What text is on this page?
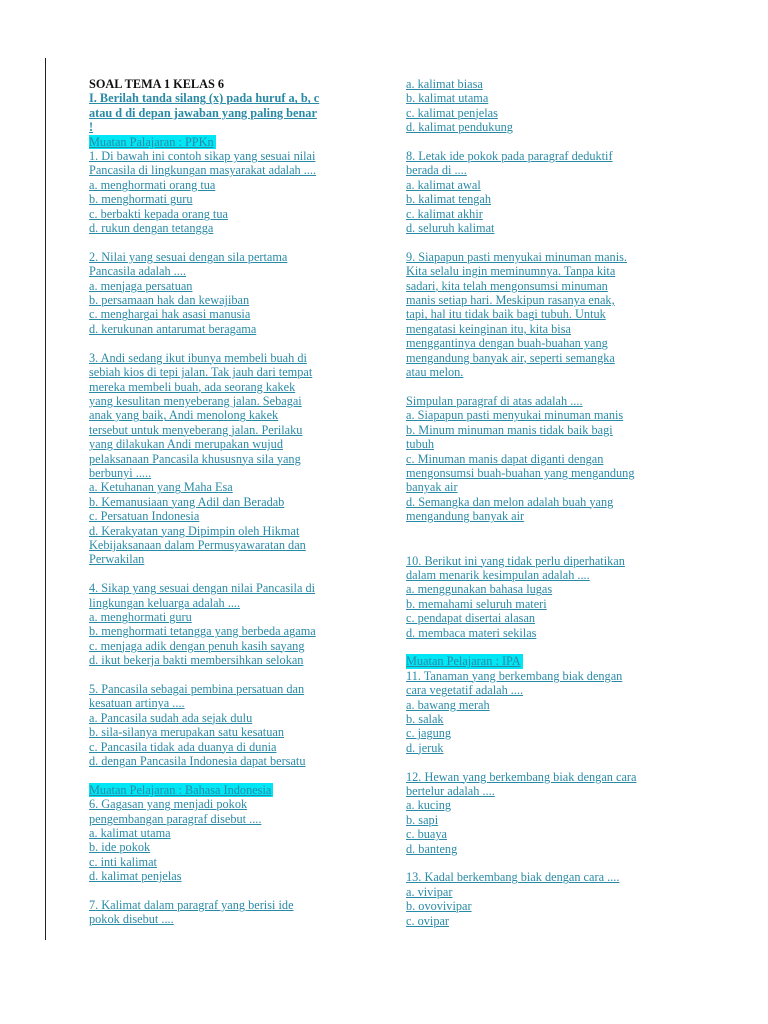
SOAL TEMA 1 KELAS 6
I. Berilah tanda silang (x) pada huruf a, b, c
atau d di depan jawaban yang paling benar
!
Muatan Palajaran : PPKn
1. Di bawah ini contoh sikap yang sesuai nilai
Pancasila di lingkungan masyarakat adalah ....
a. menghormati orang tua
b. menghormati guru
c. berbakti kepada orang tua
d. rukun dengan tetangga
2. Nilai yang sesuai dengan sila pertama
Pancasila adalah ....
a. menjaga persatuan
b. persamaan hak dan kewajiban
c. menghargai hak asasi manusia
d. kerukunan antarumat beragama
3. Andi sedang ikut ibunya membeli buah di
sebiah kios di tepi jalan. Tak jauh dari tempat
mereka membeli buah, ada seorang kakek
yang kesulitan menyeberang jalan. Sebagai
anak yang baik, Andi menolong kakek
tersebut untuk menyeberang jalan. Perilaku
yang dilakukan Andi merupakan wujud
pelaksanaan Pancasila khususnya sila yang
berbunyi .....
a. Ketuhanan yang Maha Esa
b. Kemanusiaan yang Adil dan Beradab
c. Persatuan Indonesia
d. Kerakyatan yang Dipimpin oleh Hikmat
Kebijaksanaan dalam Permusyawaratan dan
Perwakilan
4. Sikap yang sesuai dengan nilai Pancasila di
lingkungan keluarga adalah ....
a. menghormati guru
b. menghormati tetangga yang berbeda agama
c. menjaga adik dengan penuh kasih sayang
d. ikut bekerja bakti membersihkan selokan
5. Pancasila sebagai pembina persatuan dan
kesatuan artinya ....
a. Pancasila sudah ada sejak dulu
b. sila-silanya merupakan satu kesatuan
c. Pancasila tidak ada duanya di dunia
d. dengan Pancasila Indonesia dapat bersatu
Muatan Pelajaran : Bahasa Indonesia
6. Gagasan yang menjadi pokok
pengembangan paragraf disebut ....
a. kalimat utama
b. ide pokok
c. inti kalimat
d. kalimat penjelas
7. Kalimat dalam paragraf yang berisi ide
pokok disebut ....
a. kalimat biasa
b. kalimat utama
c. kalimat penjelas
d. kalimat pendukung
8. Letak ide pokok pada paragraf deduktif
berada di ....
a. kalimat awal
b. kalimat tengah
c. kalimat akhir
d. seluruh kalimat
9. Siapapun pasti menyukai minuman manis.
Kita selalu ingin meminumnya. Tanpa kita
sadari, kita telah mengonsumsi minuman
manis setiap hari. Meskipun rasanya enak,
tapi, hal itu tidak baik bagi tubuh. Untuk
mengatasi keinginan itu, kita bisa
menggantinya dengan buah-buahan yang
mengandung banyak air, seperti semangka
atau melon.
Simpulan paragraf di atas adalah ....
a. Siapapun pasti menyukai minuman manis
b. Minum minuman manis tidak baik bagi
tubuh
c. Minuman manis dapat diganti dengan
mengonsumsi buah-buahan yang mengandung
banyak air
d. Semangka dan melon adalah buah yang
mengandung banyak air
10. Berikut ini yang tidak perlu diperhatikan
dalam menarik kesimpulan adalah ....
a. menggunakan bahasa lugas
b. memahami seluruh materi
c. pendapat disertai alasan
d. membaca materi sekilas
Muatan Pelajaran : IPA
11. Tanaman yang berkembang biak dengan
cara vegetatif adalah ....
a. bawang merah
b. salak
c. jagung
d. jeruk
12. Hewan yang berkembang biak dengan cara
bertelur adalah ....
a. kucing
b. sapi
c. buaya
d. banteng
13. Kadal berkembang biak dengan cara ....
a. vivipar
b. ovovivipar
c. ovipar
